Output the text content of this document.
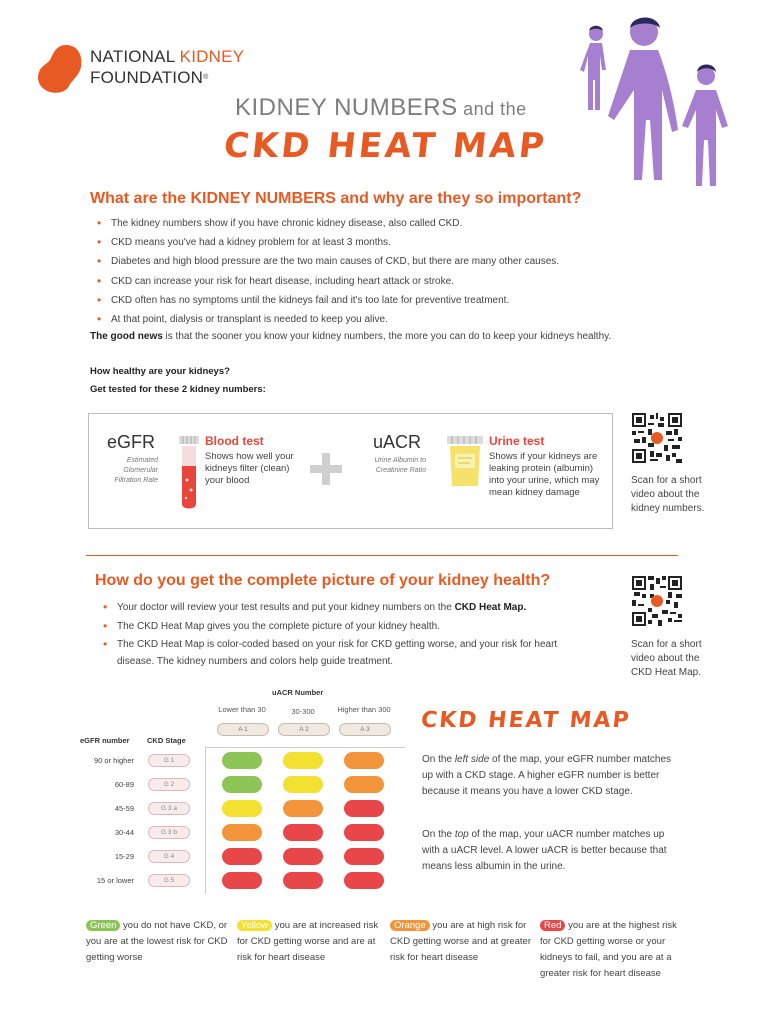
NATIONAL KIDNEY
FOUNDATION®
KIDNEY NUMBERS and the
CKD HEAT MAP
What are the KIDNEY NUMBERS and why are they so important?
• The kidney numbers show if you have chronic kidney disease, also called CKD.
• CKD means you've had a kidney problem for at least 3 months.
• Diabetes and high blood pressure are the two main causes of CKD, but there are many other causes.
• CKD can increase your risk for heart disease, including heart attack or stroke.
• CKD often has no symptoms until the kidneys fail and it's too late for preventive treatment.
• At that point, dialysis or transplant is needed to keep you alive.
The good news is that the sooner you know your kidney numbers, the more you can do to keep your kidneys healthy.
How healthy are your kidneys?
Get tested for these 2 kidney numbers:
eGFR
Estimated Glomerular Filtration Rate
Blood test
Shows how well your kidneys filter (clean) your blood
uACR
Urine Albumin to Creatinine Ratio
Urine test
Shows if your kidneys are leaking protein (albumin) into your urine, which may mean kidney damage
Scan for a short video about the kidney numbers.
How do you get the complete picture of your kidney health?
• Your doctor will review your test results and put your kidney numbers on the CKD Heat Map.
• The CKD Heat Map gives you the complete picture of your kidney health.
• The CKD Heat Map is color-coded based on your risk for CKD getting worse, and your risk for heart disease. The kidney numbers and colors help guide treatment.
Scan for a short video about the CKD Heat Map.
uACR Number
Lower than 30	30-300	Higher than 300
A 1	A 2	A 3
eGFR number CKD Stage
90 or higher	G 1
60-89	G 2
45-59	G 3 a
30-44	G 3 b
15-29	G 4
15 or lower	G 5
CKD HEAT MAP
On the left side of the map, your eGFR number matches up with a CKD stage. A higher eGFR number is better because it means you have a lower CKD stage.
On the top of the map, your uACR number matches up with a uACR level. A lower uACR is better because that means less albumin in the urine.
Green you do not have CKD, or you are at the lowest risk for CKD getting worse
Yellow you are at increased risk for CKD getting worse and are at risk for heart disease
Orange you are at high risk for CKD getting worse and at greater risk for heart disease
Red you are at the highest risk for CKD getting worse or your kidneys to fail, and you are at a greater risk for heart disease
